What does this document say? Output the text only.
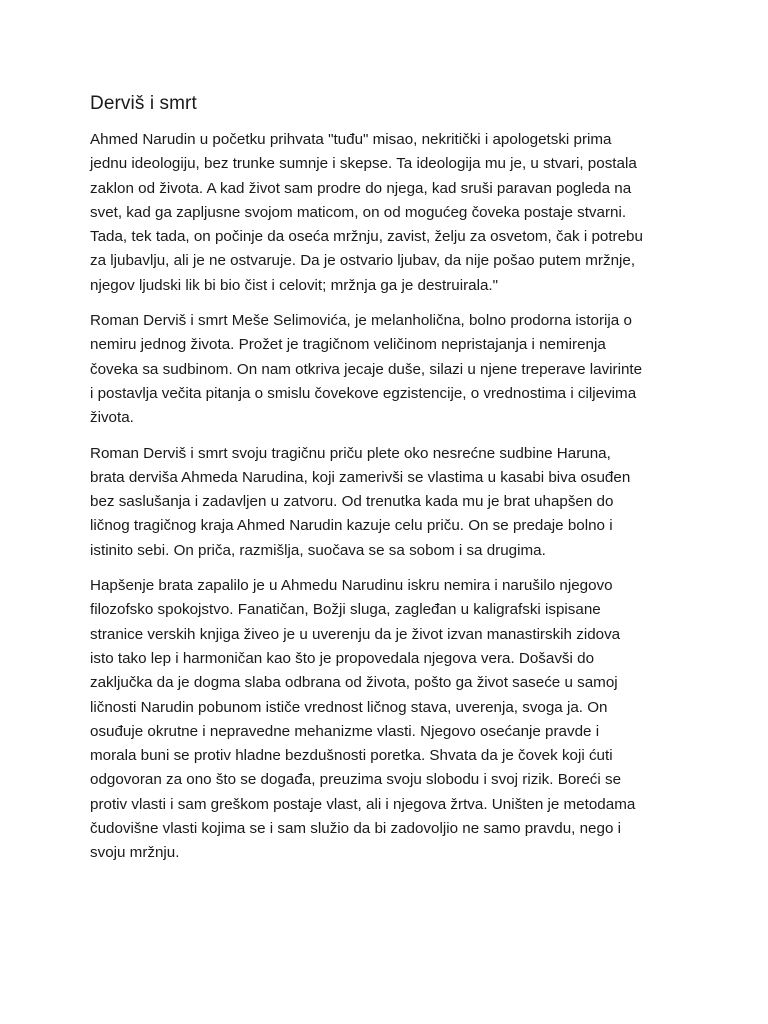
Derviš i smrt

Ahmed Narudin u početku prihvata "tuđu" misao, nekritički i apologetski prima
jednu ideologiju, bez trunke sumnje i skepse. Ta ideologija mu je, u stvari, postala
zaklon od života. A kad život sam prodre do njega, kad sruši paravan pogleda na
svet, kad ga zapljusne svojom maticom, on od mogućeg čoveka postaje stvarni.
Tada, tek tada, on počinje da oseća mržnju, zavist, želju za osvetom, čak i potrebu
za ljubavlju, ali je ne ostvaruje. Da je ostvario ljubav, da nije pošao putem mržnje,
njegov ljudski lik bi bio čist i celovit; mržnja ga je destruirala."

Roman Derviš i smrt Meše Selimovića, je melanholična, bolno prodorna istorija o
nemiru jednog života. Prožet je tragičnom veličinom nepristajanja i nemirenja
čoveka sa sudbinom. On nam otkriva jecaje duše, silazi u njene treperave lavirinte
i postavlja večita pitanja o smislu čovekove egzistencije, o vrednostima i ciljevima
života.

Roman Derviš i smrt svoju tragičnu priču plete oko nesrećne sudbine Haruna,
brata derviša Ahmeda Narudina, koji zamerivši se vlastima u kasabi biva osuđen
bez saslušanja i zadavljen u zatvoru. Od trenutka kada mu je brat uhapšen do
ličnog tragičnog kraja Ahmed Narudin kazuje celu priču. On se predaje bolno i
istinito sebi. On priča, razmišlja, suočava se sa sobom i sa drugima.

Hapšenje brata zapalilo je u Ahmedu Narudinu iskru nemira i narušilo njegovo
filozofsko spokojstvo. Fanatičan, Božji sluga, zagleđan u kaligrafski ispisane
stranice verskih knjiga živeo je u uverenju da je život izvan manastirskih zidova
isto tako lep i harmoničan kao što je propovedala njegova vera. Došavši do
zaključka da je dogma slaba odbrana od života, pošto ga život saseće u samoj
ličnosti Narudin pobunom ističe vrednost ličnog stava, uverenja, svoga ja. On
osuđuje okrutne i nepravedne mehanizme vlasti. Njegovo osećanje pravde i
morala buni se protiv hladne bezdušnosti poretka. Shvata da je čovek koji ćuti
odgovoran za ono što se događa, preuzima svoju slobodu i svoj rizik. Boreći se
protiv vlasti i sam greškom postaje vlast, ali i njegova žrtva. Uništen je metodama
čudovišne vlasti kojima se i sam služio da bi zadovoljio ne samo pravdu, nego i
svoju mržnju.
